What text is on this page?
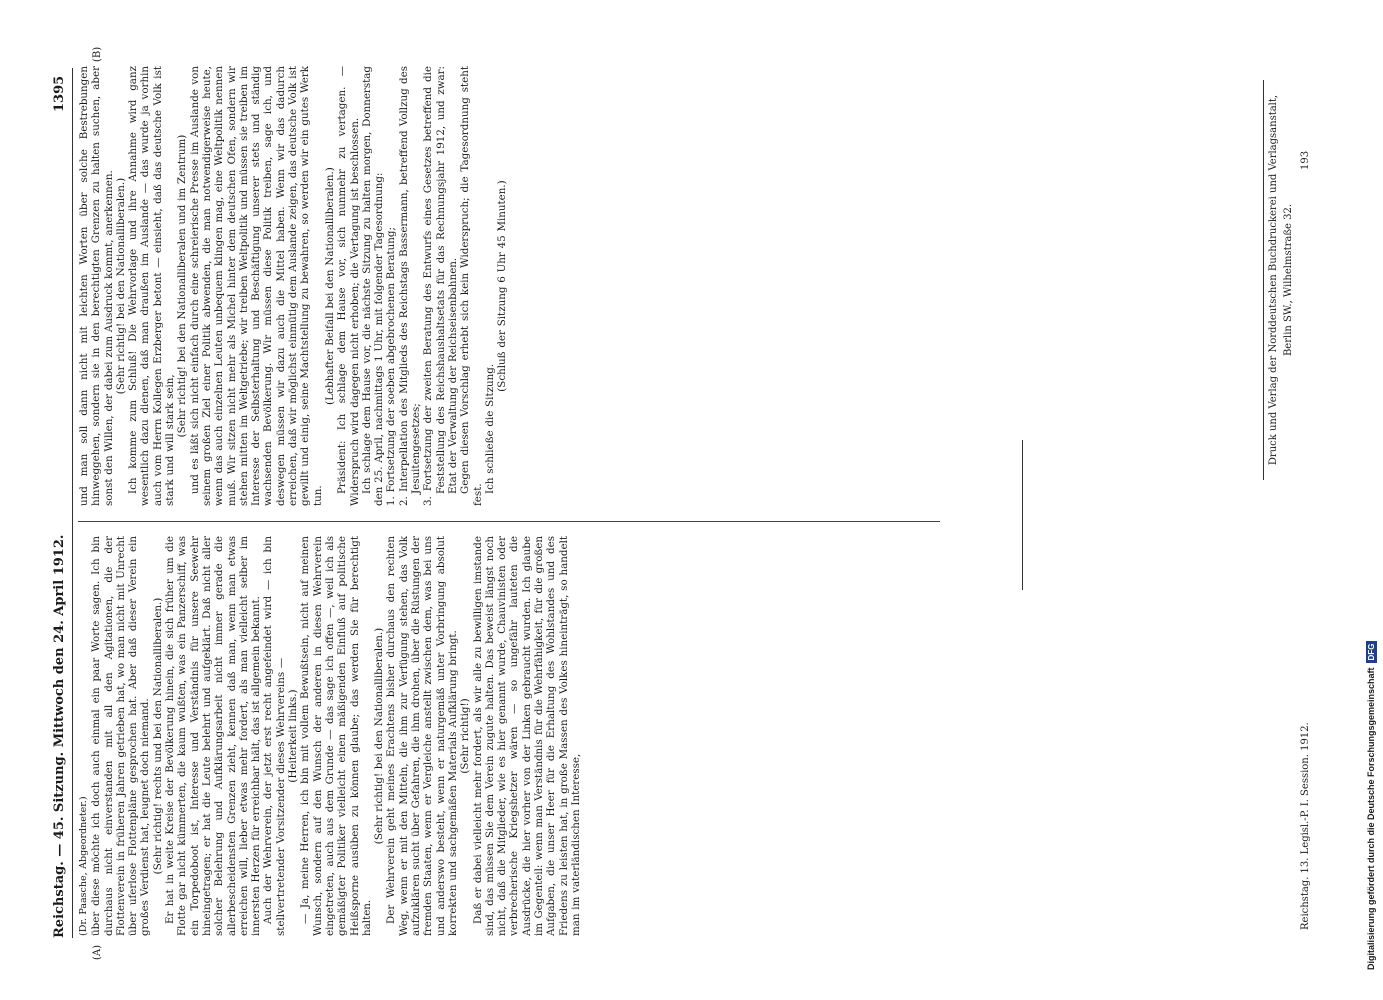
Reichstag. — 45. Sitzung. Mittwoch den 24. April 1912.
1395
(A)
(B)

(Dr. Paasche, Abgeordneter.) über diese möchte ich doch auch einmal ein paar Worte sagen. Ich bin durchaus nicht einverstanden mit all den Agitationen, die der Flottenverein in früheren Jahren getrieben hat, wo man nicht mit Unrecht über uferlose Flottenpläne gesprochen hat. Aber daß dieser Verein ein großes Verdienst hat, leugnet doch niemand. (Sehr richtig! rechts und bei den Nationalliberalen.) Er hat in weite Kreise der Bevölkerung hinein, die sich früher um die Flotte gar nicht kümmerten, die kaum wußten, was ein Panzerschiff, was ein Torpedoboot ist, Interesse und Verständnis für unsere Seewehr hineingetragen; er hat die Leute belehrt und aufgeklärt. Daß nicht aller solcher Belehrung und Aufklärungsarbeit nicht immer gerade die allerbescheidensten Grenzen zieht, kennen daß man, wenn man etwas erreichen will, lieber etwas mehr fordert, als man vielleicht selber im innersten Herzen für erreichbar hält, das ist allgemein bekannt. Auch der Wehrverein, der jetzt erst recht angefeindet wird — ich bin stellvertretender Vorsitzender dieses Wehrvereins — (Heiterkeit links.) — Ja, meine Herren, ich bin mit vollem Bewußtsein, nicht auf meinen Wunsch, sondern auf den Wunsch der anderen in diesen Wehrverein eingetreten, auch aus dem Grunde — das sage ich offen —, weil ich als gemäßigter Politiker vielleicht einen mäßigenden Einfluß auf politische Heißsporne ausüben zu können glaube; das werden Sie für berechtigt halten.

(Sehr richtig! bei den Nationalliberalen.) Der Wehrverein geht meines Erachtens bisher durchaus den rechten Weg, wenn er mit den Mitteln, die ihm zur Verfügung stehen, das Volk aufzuklären sucht über Gefahren, die ihm drohen, über die Rüstungen der fremden Staaten, wenn er Vergleiche anstellt zwischen dem, was bei uns und anderswo besteht, wenn er naturgemäß unter Vorbringung absolut korrekten und sachgemäßen Materials Aufklärung bringt. (Sehr richtig!) Daß er dabei vielleicht mehr fordert, als wir alle zu bewilligen imstande sind, das müssen Sie dem Verein zugute halten. Das beweist längst noch nicht, daß die Mitglieder, wie es hier genannt wurde, Chauvinisten oder verbrecherische Kriegshetzer wären — so ungefähr lauteten die Ausdrücke, die hier vorher von der Linken gebraucht wurden. Ich glaube im Gegenteil: wenn man Verständnis für die Wehrfähigkeit, für die großen Aufgaben, die unser Heer für die Erhaltung des Wohlstandes und des Friedens zu leisten hat, in große Massen des Volkes hineinträgt, so handelt man im vaterländischen Interesse,

und man soll dann nicht mit leichten Worten über solche Bestrebungen hinweggehen, sondern sie in den berechtigten Grenzen zu halten suchen, aber sonst den Willen, der dabei zum Ausdruck kommt, anerkennen. (Sehr richtig! bei den Nationalliberalen.) Ich komme zum Schluß! Die Wehrvorlage und ihre Annahme wird ganz wesentlich dazu dienen, daß man draußen im Auslande — das wurde ja vorhin auch vom Herrn Kollegen Erzberger betont — einsieht, daß das deutsche Volk ist stark und will stark sein,

(Sehr richtig! bei den Nationalliberalen und im Zentrum) und es läßt sich nicht einfach durch eine schreierische Presse im Auslande von seinem großen Ziel einer Politik abwenden, die man notwendigerweise heute, wenn das auch einzelnen Leuten unbequem klingen mag, eine Weltpolitik nennen muß. Wir sitzen nicht mehr als Michel hinter dem deutschen Ofen, sondern wir stehen mitten im Weltgetriebe; wir treiben Weltpolitik und müssen sie treiben im Interesse der Selbsterhaltung und Beschäftigung unserer stets und ständig wachsenden Bevölkerung. Wir müssen diese Politik treiben, sage ich, und deswegen müssen wir dazu auch die Mittel haben. Wenn wir das dadurch erreichen, daß wir möglichst einmütig dem Auslande zeigen, das deutsche Volk ist gewillt und einig, seine Machtstellung zu bewahren, so werden wir ein gutes Werk tun.

(Lebhafter Beifall bei den Nationalliberalen.) Präsident: Ich schlage dem Hause vor, sich nunmehr zu vertagen. — Widerspruch wird dagegen nicht erhoben; die Vertagung ist beschlossen. Ich schlage dem Hause vor, die nächste Sitzung zu halten morgen, Donnerstag den 25. April, nachmittags 1 Uhr, mit folgender Tagesordnung: 1. Fortsetzung der soeben abgebrochenen Beratung; 2. Interpellation des Mitglieds des Reichstags Bassermann, betreffend Vollzug des Jesuitengesetzes; 3. Fortsetzung der zweiten Beratung des Entwurfs eines Gesetzes betreffend die Feststellung des Reichshaushaltsetats für das Rechnungsjahr 1912, und zwar: Etat der Verwaltung der Reichseisenbahnen. Gegen diesen Vorschlag erhebt sich kein Widerspruch; die Tagesordnung steht fest.

Ich schließe die Sitzung.

(Schluß der Sitzung 6 Uhr 45 Minuten.)

Reichstag. 13. Legisl.-P. I. Session. 1912.
Druck und Verlag der Norddeutschen Buchdruckerei und Verlagsanstalt, Berlin SW., Wilhelmstraße 32.
193
Digitalisierung gefördert durch die Deutsche ForschungsgemeinschaftDFG
